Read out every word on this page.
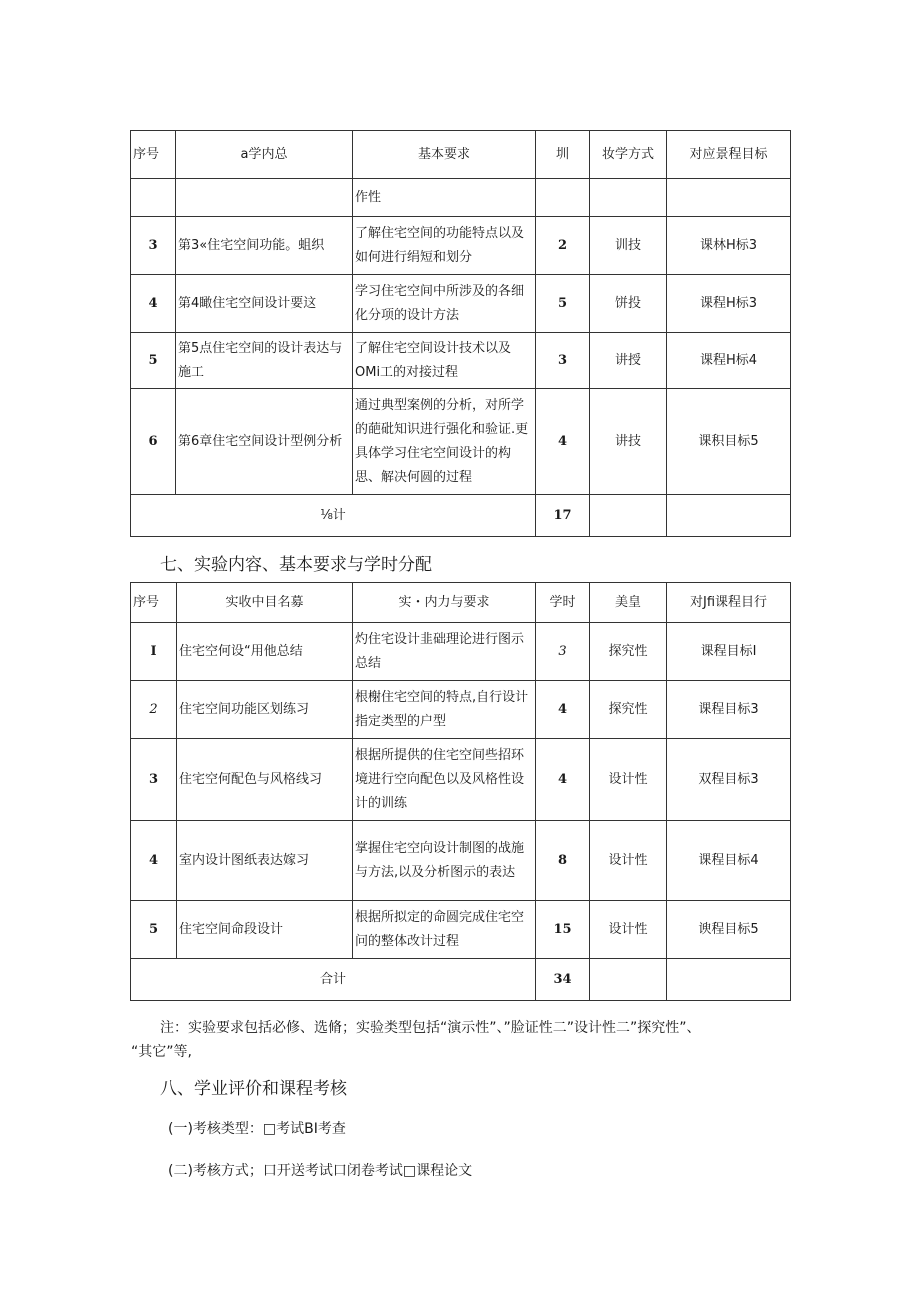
序号	a学内总	基本要求	圳	妆学方式	对应景程目标
		作性			
3	第3«住宅空间功能。蛆织	了解住宅空间的功能特点以及如何进行绢短和划分	2	训技	课林H标3
4	第4瞰住宅空间设计要这	学习住宅空间中所涉及的各细化分项的设计方法	5	饼投	课程H标3
5	第5点住宅空间的设计表达与施工	了解住宅空间设计技术以及OMi工的对接过程	3	讲授	课程H标4
6	第6章住宅空间设计型例分析	通过典型案例的分析，对所学的葩砒知识进行强化和验证.更具体学习住宅空间设计的构思、解决何圆的过程	4	讲技	课积目标5
⅛计			17		
七、实验内容、基本要求与学时分配
序号	实收中目名募	实・内力与要求	学时	美皇	对Jfi课程目行
I	住宅空何设“用他总结	灼住宅设计韭础理论进行图示总结	3	探究性	课程目标I
2	住宅空间功能区划练习	根榭住宅空间的特点,自行设计指定类型的户型	4	探究性	课程目标3
3	住宅空何配色与风格线习	根据所提供的住宅空间些招环境进行空向配色以及风格性设计的训练	4	设计性	双程目标3
4	室内设计图纸表达嫁习	掌握住宅空向设计制图的战施与方法,以及分析图示的表达	8	设计性	课程目标4
5	住宅空间命段设计	根据所拟定的命圆完成住宅空问的整体改计过程	15	设计性	谀程目标5
合计			34		
注：实验要求包括必修、选脩；实验类型包括“演示性”、”脸证性二”设计性二”探究性”、
“其它”等,
八、学业评价和课程考核
(一)考核类型：□考试BI考查
(二)考核方式；口开送考试口闭卷考试□课程论文
